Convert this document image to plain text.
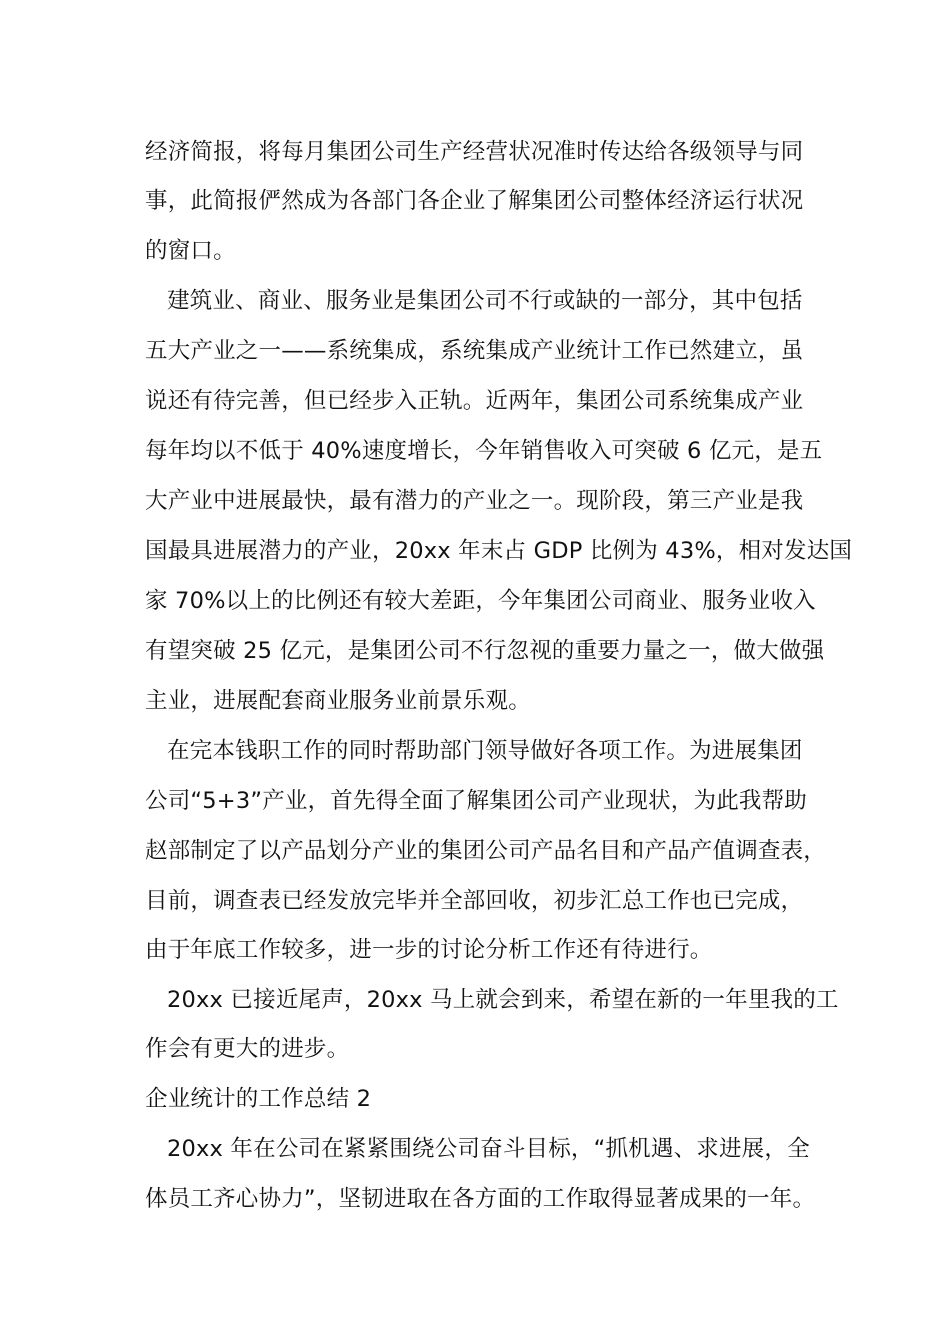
经济简报，将每月集团公司生产经营状况准时传达给各级领导与同

事，此简报俨然成为各部门各企业了解集团公司整体经济运行状况

的窗口。

建筑业、商业、服务业是集团公司不行或缺的一部分，其中包括

五大产业之一——系统集成，系统集成产业统计工作已然建立，虽

说还有待完善，但已经步入正轨。近两年，集团公司系统集成产业

每年均以不低于 40%速度增长，今年销售收入可突破 6 亿元，是五

大产业中进展最快，最有潜力的产业之一。现阶段，第三产业是我

国最具进展潜力的产业，20xx 年末占 GDP 比例为 43%，相对发达国

家 70%以上的比例还有较大差距，今年集团公司商业、服务业收入

有望突破 25 亿元，是集团公司不行忽视的重要力量之一，做大做强

主业，进展配套商业服务业前景乐观。

在完本钱职工作的同时帮助部门领导做好各项工作。为进展集团

公司“5+3”产业，首先得全面了解集团公司产业现状，为此我帮助

赵部制定了以产品划分产业的集团公司产品名目和产品产值调查表，

目前，调查表已经发放完毕并全部回收，初步汇总工作也已完成，

由于年底工作较多，进一步的讨论分析工作还有待进行。

20xx 已接近尾声，20xx 马上就会到来，希望在新的一年里我的工

作会有更大的进步。

企业统计的工作总结 2

20xx 年在公司在紧紧围绕公司奋斗目标，“抓机遇、求进展，全

体员工齐心协力”，坚韧进取在各方面的工作取得显著成果的一年。
